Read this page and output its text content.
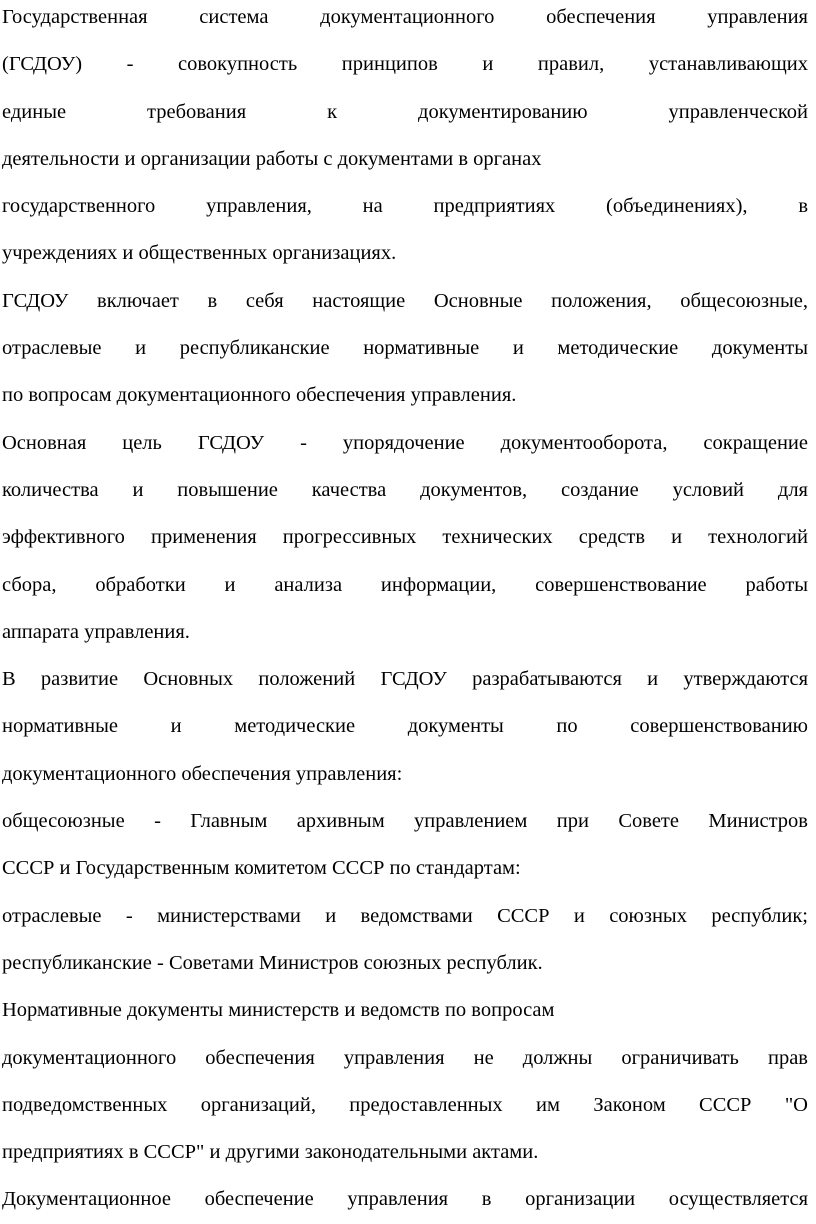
Государственная система документационного обеспечения управления
(ГСДОУ) - совокупность принципов и правил, устанавливающих
единые требования к документированию управленческой
деятельности и организации работы с документами в органах
государственного управления, на предприятиях (объединениях), в
учреждениях и общественных организациях.
ГСДОУ включает в себя настоящие Основные положения, общесоюзные,
отраслевые и республиканские нормативные и методические документы
по вопросам документационного обеспечения управления.
Основная цель ГСДОУ - упорядочение документооборота, сокращение
количества и повышение качества документов, создание условий для
эффективного применения прогрессивных технических средств и технологий
сбора, обработки и анализа информации, совершенствование работы
аппарата управления.
В развитие Основных положений ГСДОУ разрабатываются и утверждаются
нормативные и методические документы по совершенствованию
документационного обеспечения управления:
общесоюзные - Главным архивным управлением при Совете Министров
СССР и Государственным комитетом СССР по стандартам:
отраслевые - министерствами и ведомствами СССР и союзных республик;
республиканские - Советами Министров союзных республик.
Нормативные документы министерств и ведомств по вопросам
документационного обеспечения управления не должны ограничивать прав
подведомственных организаций, предоставленных им Законом СССР "О
предприятиях в СССР" и другими законодательными актами.
Документационное обеспечение управления в организации осуществляется
